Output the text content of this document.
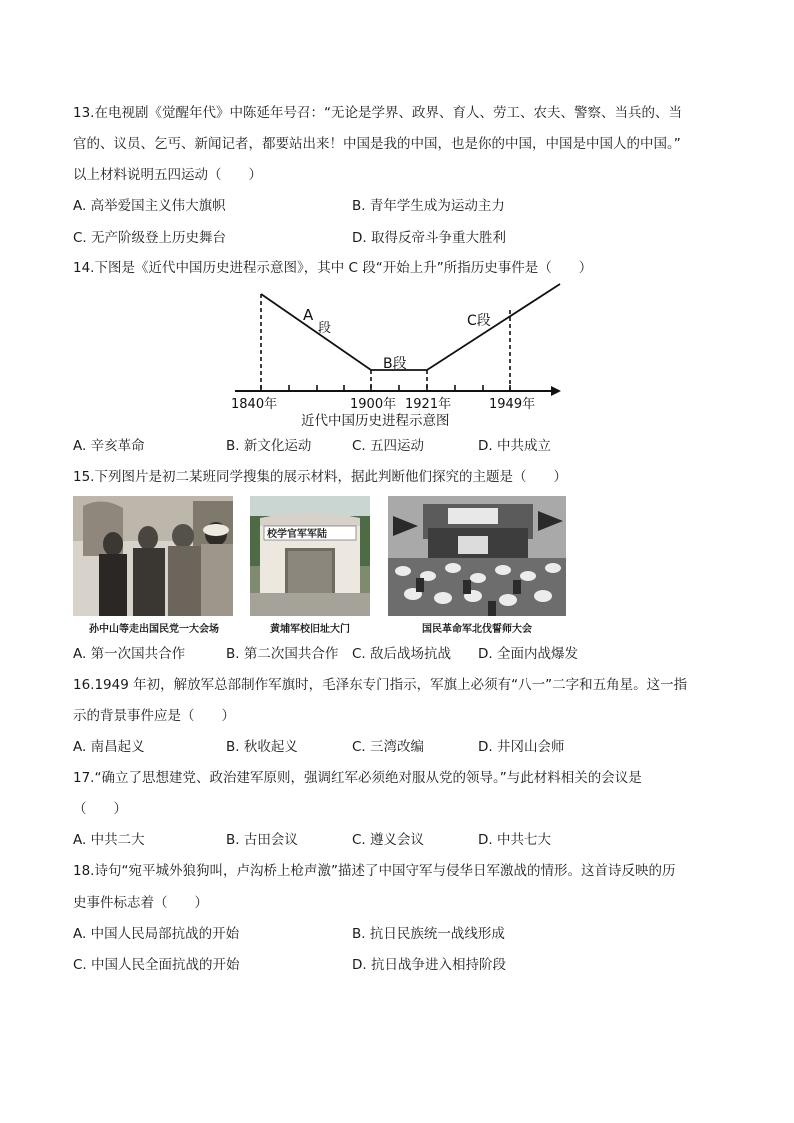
13.在电视剧《觉醒年代》中陈延年号召：“无论是学界、政界、育人、劳工、农夫、警察、当兵的、当
官的、议员、乞丐、新闻记者，都要站出来！中国是我的中国，也是你的中国，中国是中国人的中国。”
以上材料说明五四运动（　　）
A. 高举爱国主义伟大旗帜	B. 青年学生成为运动主力
C. 无产阶级登上历史舞台	D. 取得反帝斗争重大胜利
14.下图是《近代中国历史进程示意图》，其中 C 段“开始上升”所指历史事件是（　　）
A
段
B段
C段
1840年	1900年 1921年	1949年
近代中国历史进程示意图
A. 辛亥革命	B. 新文化运动	C. 五四运动	D. 中共成立
15.下列图片是初二某班同学搜集的展示材料，据此判断他们探究的主题是（　　）
孙中山等走出国民党一大会场
校学官军军陆
黄埔军校旧址大门	国民革命军北伐誓师大会
A. 第一次国共合作	B. 第二次国共合作 C. 敌后战场抗战 D. 全面内战爆发
16.1949 年初，解放军总部制作军旗时，毛泽东专门指示，军旗上必须有“八一”二字和五角星。这一指
示的背景事件应是（　　）
A. 南昌起义	B. 秋收起义	C. 三湾改编	D. 井冈山会师
17.“确立了思想建党、政治建军原则，强调红军必须绝对服从党的领导。”与此材料相关的会议是
（　　）
A. 中共二大	B. 古田会议	C. 遵义会议	D. 中共七大
18.诗句“宛平城外狼狗叫，卢沟桥上枪声激”描述了中国守军与侵华日军激战的情形。这首诗反映的历
史事件标志着（　　）
A. 中国人民局部抗战的开始	B. 抗日民族统一战线形成
C. 中国人民全面抗战的开始	D. 抗日战争进入相持阶段
